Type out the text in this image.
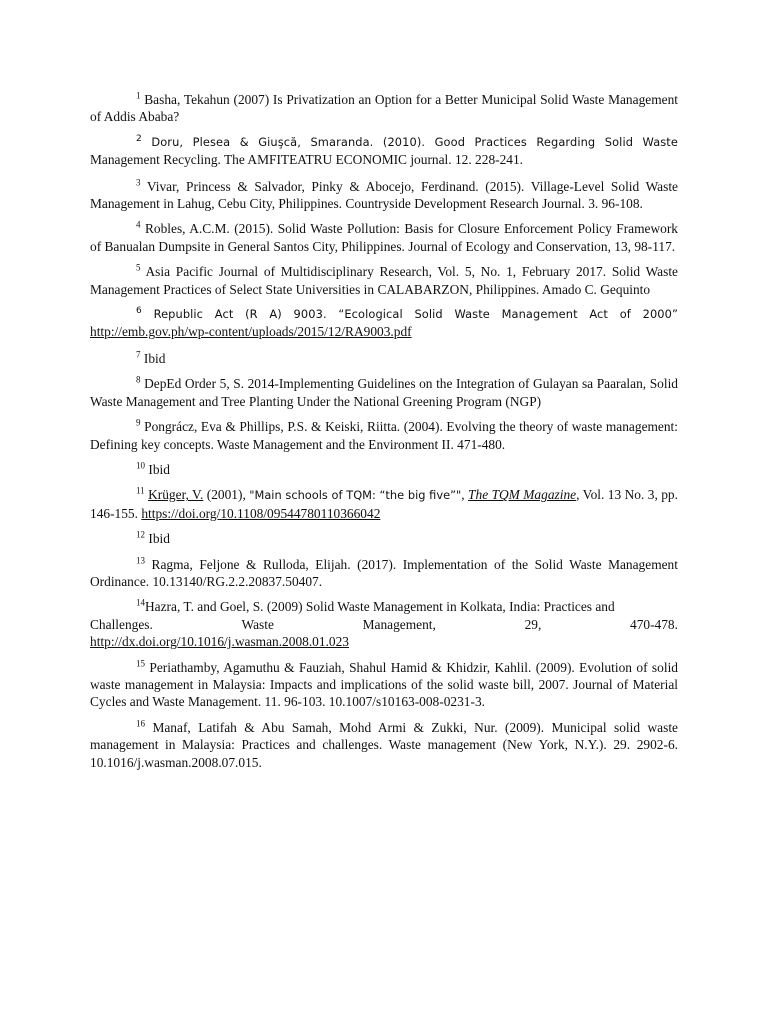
$^1$ Basha, Tekahun (2007) Is Privatization an Option for a Better Municipal Solid Waste Management of Addis Ababa?

$^2$ Doru, Plesea & Giuşcă, Smaranda. (2010). Good Practices Regarding Solid Waste Management Recycling. The AMFITEATRU ECONOMIC journal. 12. 228-241.

$^3$ Vivar, Princess & Salvador, Pinky & Abocejo, Ferdinand. (2015). Village-Level Solid Waste Management in Lahug, Cebu City, Philippines. Countryside Development Research Journal. 3. 96-108.

$^4$ Robles, A.C.M. (2015). Solid Waste Pollution: Basis for Closure Enforcement Policy Framework of Banualan Dumpsite in General Santos City, Philippines. Journal of Ecology and Conservation, 13, 98-117.

$^5$ Asia Pacific Journal of Multidisciplinary Research, Vol. 5, No. 1, February 2017. Solid Waste Management Practices of Select State Universities in CALABARZON, Philippines. Amado C. Gequinto

$^6$ Republic Act (R A) 9003. “Ecological Solid Waste Management Act of 2000” http://emb.gov.ph/wp-content/uploads/2015/12/RA9003.pdf

$^7$ Ibid

$^8$ DepEd Order 5, S. 2014-Implementing Guidelines on the Integration of Gulayan sa Paaralan, Solid Waste Management and Tree Planting Under the National Greening Program (NGP)

$^9$ Pongrácz, Eva & Phillips, P.S. & Keiski, Riitta. (2004). Evolving the theory of waste management: Defining key concepts. Waste Management and the Environment II. 471-480.

$^{10}$ Ibid

$^{11}$ Krüger, V. (2001), "Main schools of TQM: “the big five”", The TQM Magazine, Vol. 13 No. 3, pp. 146-155. https://doi.org/10.1108/09544780110366042

$^{12}$ Ibid

$^{13}$ Ragma, Feljone & Rulloda, Elijah. (2017). Implementation of the Solid Waste Management Ordinance. 10.13140/RG.2.2.20837.50407.

$^{14}$Hazra, T. and Goel, S. (2009) Solid Waste Management in Kolkata, India: Practices and
Challenges.	Waste	Management,	29,	470-478.
http://dx.doi.org/10.1016/j.wasman.2008.01.023

$^{15}$ Periathamby, Agamuthu & Fauziah, Shahul Hamid & Khidzir, Kahlil. (2009). Evolution of solid waste management in Malaysia: Impacts and implications of the solid waste bill, 2007. Journal of Material Cycles and Waste Management. 11. 96-103. 10.1007/s10163-008-0231-3.

$^{16}$ Manaf, Latifah & Abu Samah, Mohd Armi & Zukki, Nur. (2009). Municipal solid waste management in Malaysia: Practices and challenges. Waste management (New York, N.Y.). 29. 2902-6. 10.1016/j.wasman.2008.07.015.
